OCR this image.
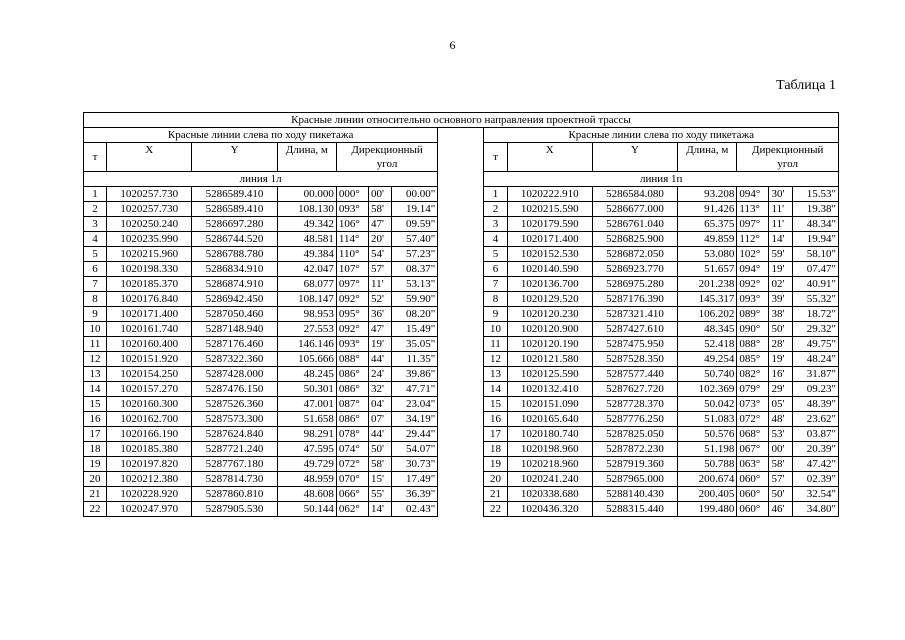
6
Таблица 1
Красные линии относительно основного направления проектной трассы														
Красные линии слева по ходу пикетажа								Красные линии слева по ходу пикетажа						
т	X	Y	Длина, м	Дирекционный				т	X	Y	Длина, м	Дирекционный		
				угол								угол		
линия 1л								линия 1п						
1	1020257.730	5286589.410	00.000	000°	00'	00.00"		1	1020222.910	5286584.080	93.208	094°	30'	15.53"
2	1020257.730	5286589.410	108.130	093°	58'	19.14"		2	1020215.590	5286677.000	91.426	113°	11'	19.38"
3	1020250.240	5286697.280	49.342	106°	47'	09.59"		3	1020179.590	5286761.040	65.375	097°	11'	48.34"
4	1020235.990	5286744.520	48.581	114°	20'	57.40"		4	1020171.400	5286825.900	49.859	112°	14'	19.94"
5	1020215.960	5286788.780	49.384	110°	54'	57.23"		5	1020152.530	5286872.050	53.080	102°	59'	58.10"
6	1020198.330	5286834.910	42.047	107°	57'	08.37"		6	1020140.590	5286923.770	51.657	094°	19'	07.47"
7	1020185.370	5286874.910	68.077	097°	11'	53.13"		7	1020136.700	5286975.280	201.238	092°	02'	40.91"
8	1020176.840	5286942.450	108.147	092°	52'	59.90"		8	1020129.520	5287176.390	145.317	093°	39'	55.32"
9	1020171.400	5287050.460	98.953	095°	36'	08.20"		9	1020120.230	5287321.410	106.202	089°	38'	18.72"
10	1020161.740	5287148.940	27.553	092°	47'	15.49"		10	1020120.900	5287427.610	48.345	090°	50'	29.32"
11	1020160.400	5287176.460	146.146	093°	19'	35.05"		11	1020120.190	5287475.950	52.418	088°	28'	49.75"
12	1020151.920	5287322.360	105.666	088°	44'	11.35"		12	1020121.580	5287528.350	49.254	085°	19'	48.24"
13	1020154.250	5287428.000	48.245	086°	24'	39.86"		13	1020125.590	5287577.440	50.740	082°	16'	31.87"
14	1020157.270	5287476.150	50.301	086°	32'	47.71"		14	1020132.410	5287627.720	102.369	079°	29'	09.23"
15	1020160.300	5287526.360	47.001	087°	04'	23.04"		15	1020151.090	5287728.370	50.042	073°	05'	48.39"
16	1020162.700	5287573.300	51.658	086°	07'	34.19"		16	1020165.640	5287776.250	51.083	072°	48'	23.62"
17	1020166.190	5287624.840	98.291	078°	44'	29.44"		17	1020180.740	5287825.050	50.576	068°	53'	03.87"
18	1020185.380	5287721.240	47.595	074°	50'	54.07"		18	1020198.960	5287872.230	51.198	067°	00'	20.39"
19	1020197.820	5287767.180	49.729	072°	58'	30.73"		19	1020218.960	5287919.360	50.788	063°	58'	47.42"
20	1020212.380	5287814.730	48.959	070°	15'	17.49"		20	1020241.240	5287965.000	200.674	060°	57'	02.39"
21	1020228.920	5287860.810	48.608	066°	55'	36.39"		21	1020338.680	5288140.430	200.405	060°	50'	32.54"
22	1020247.970	5287905.530	50.144	062°	14'	02.43"		22	1020436.320	5288315.440	199.480	060°	46'	34.80"
